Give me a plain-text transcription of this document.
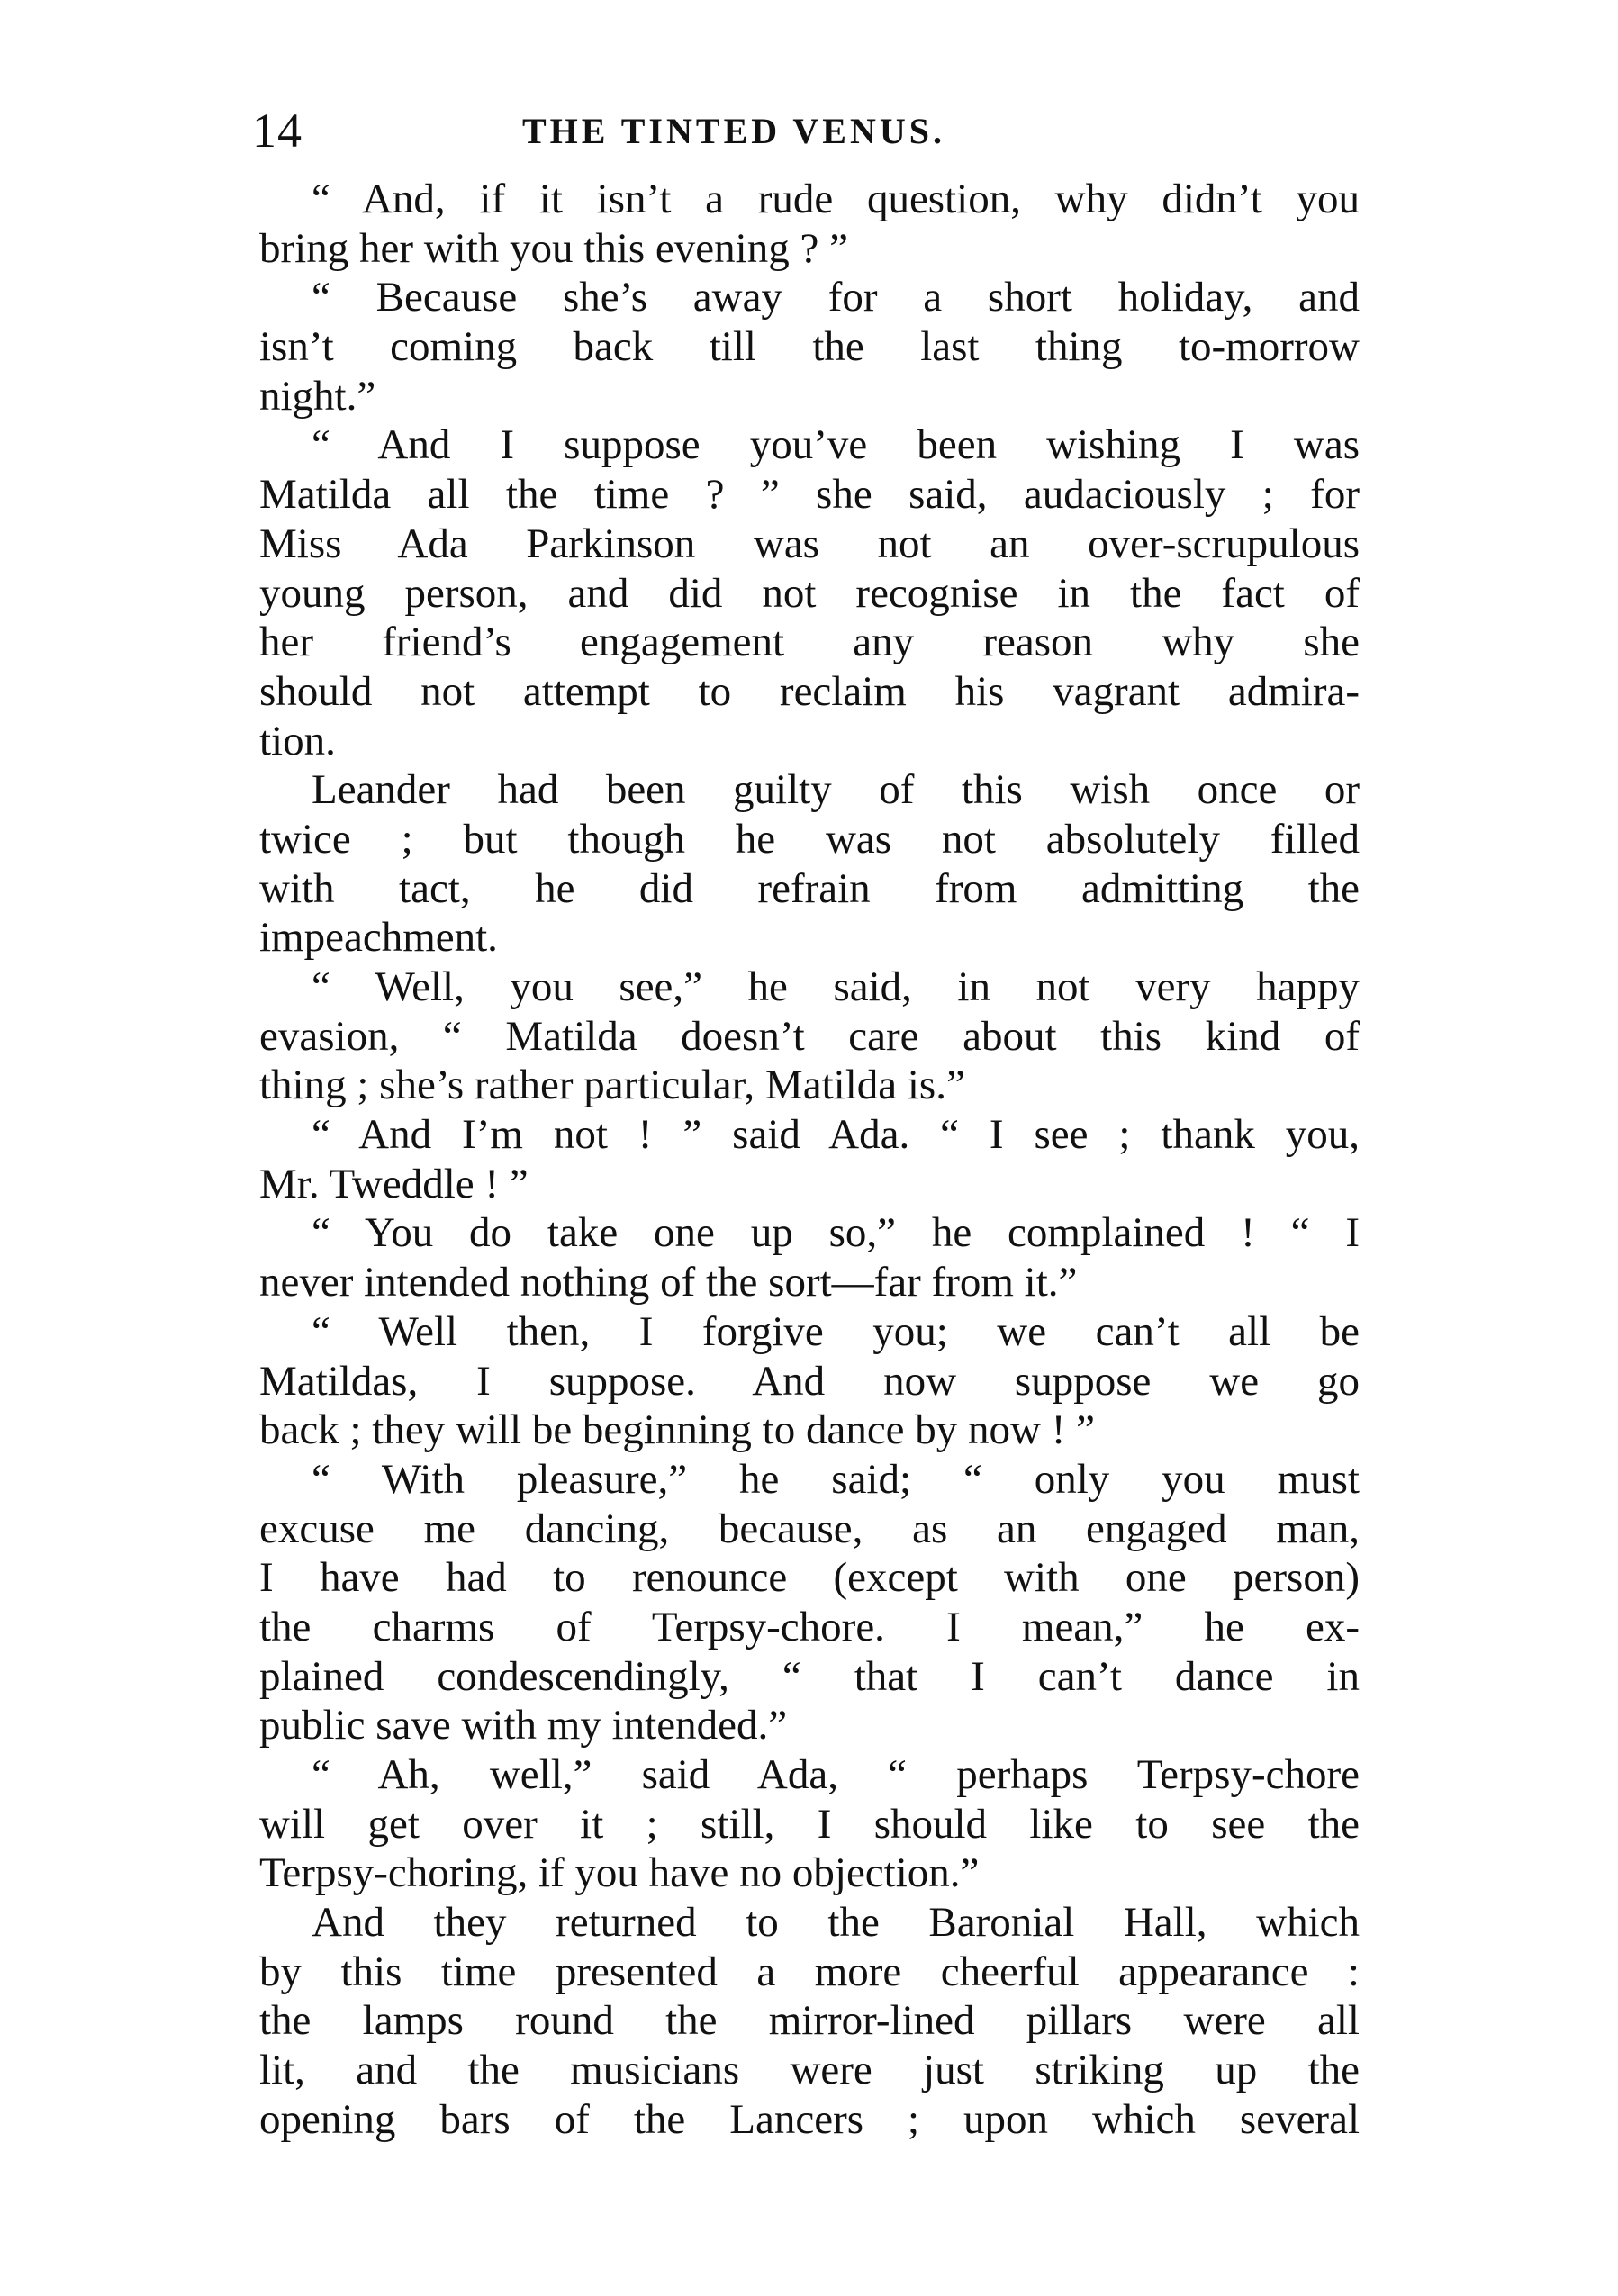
14	THE TINTED VENUS.
“ And, if it isn’t a rude question, why didn’t you
bring her with you this evening ? ”
“ Because she’s away for a short holiday, and
isn’t coming back till the last thing to-morrow
night.”
“ And I suppose you’ve been wishing I was
Matilda all the time ? ” she said, audaciously ; for
Miss Ada Parkinson was not an over-scrupulous
young person, and did not recognise in the fact of
her friend’s engagement any reason why she
should not attempt to reclaim his vagrant admira-
tion.
Leander had been guilty of this wish once or
twice ; but though he was not absolutely filled
with tact, he did refrain from admitting the
impeachment.
“ Well, you see,” he said, in not very happy
evasion, “ Matilda doesn’t care about this kind of
thing ; she’s rather particular, Matilda is.”
“ And I’m not ! ” said Ada. “ I see ; thank you,
Mr. Tweddle ! ”
“ You do take one up so,” he complained ! “ I
never intended nothing of the sort—far from it.”
“ Well then, I forgive you; we can’t all be
Matildas, I suppose. And now suppose we go
back ; they will be beginning to dance by now ! ”
“ With pleasure,” he said; “ only you must
excuse me dancing, because, as an engaged man,
I have had to renounce (except with one person)
the charms of Terpsy-chore. I mean,” he ex-
plained condescendingly, “ that I can’t dance in
public save with my intended.”
“ Ah, well,” said Ada, “ perhaps Terpsy-chore
will get over it ; still, I should like to see the
Terpsy-choring, if you have no objection.”
And they returned to the Baronial Hall, which
by this time presented a more cheerful appearance :
the lamps round the mirror-lined pillars were all
lit, and the musicians were just striking up the
opening bars of the Lancers ; upon which several
